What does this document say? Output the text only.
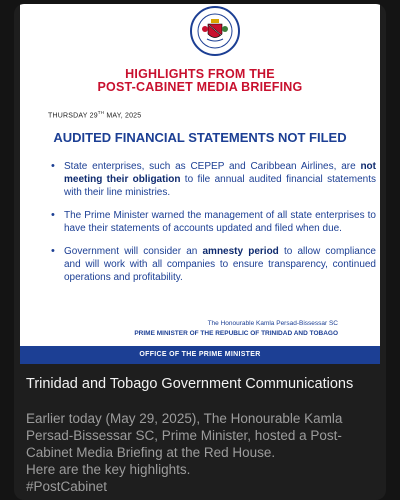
HIGHLIGHTS FROM THE
POST-CABINET MEDIA BRIEFING
THURSDAY 29TH MAY, 2025
AUDITED FINANCIAL STATEMENTS NOT FILED
• State enterprises, such as CEPEP and Caribbean Airlines, are not meeting their obligation to file annual audited financial statements with their line ministries.
• The Prime Minister warned the management of all state enterprises to have their statements of accounts updated and filed when due.
• Government will consider an amnesty period to allow compliance and will work with all companies to ensure transparency, continued operations and profitability.
The Honourable Kamla Persad-Bissessar SC
PRIME MINISTER OF THE REPUBLIC OF TRINIDAD AND TOBAGO
OFFICE OF THE PRIME MINISTER
Trinidad and Tobago Government Communications

Earlier today (May 29, 2025), The Honourable Kamla Persad-Bissessar SC, Prime Minister, hosted a Post-Cabinet Media Briefing at the Red House.

Here are the key highlights.

#PostCabinet
